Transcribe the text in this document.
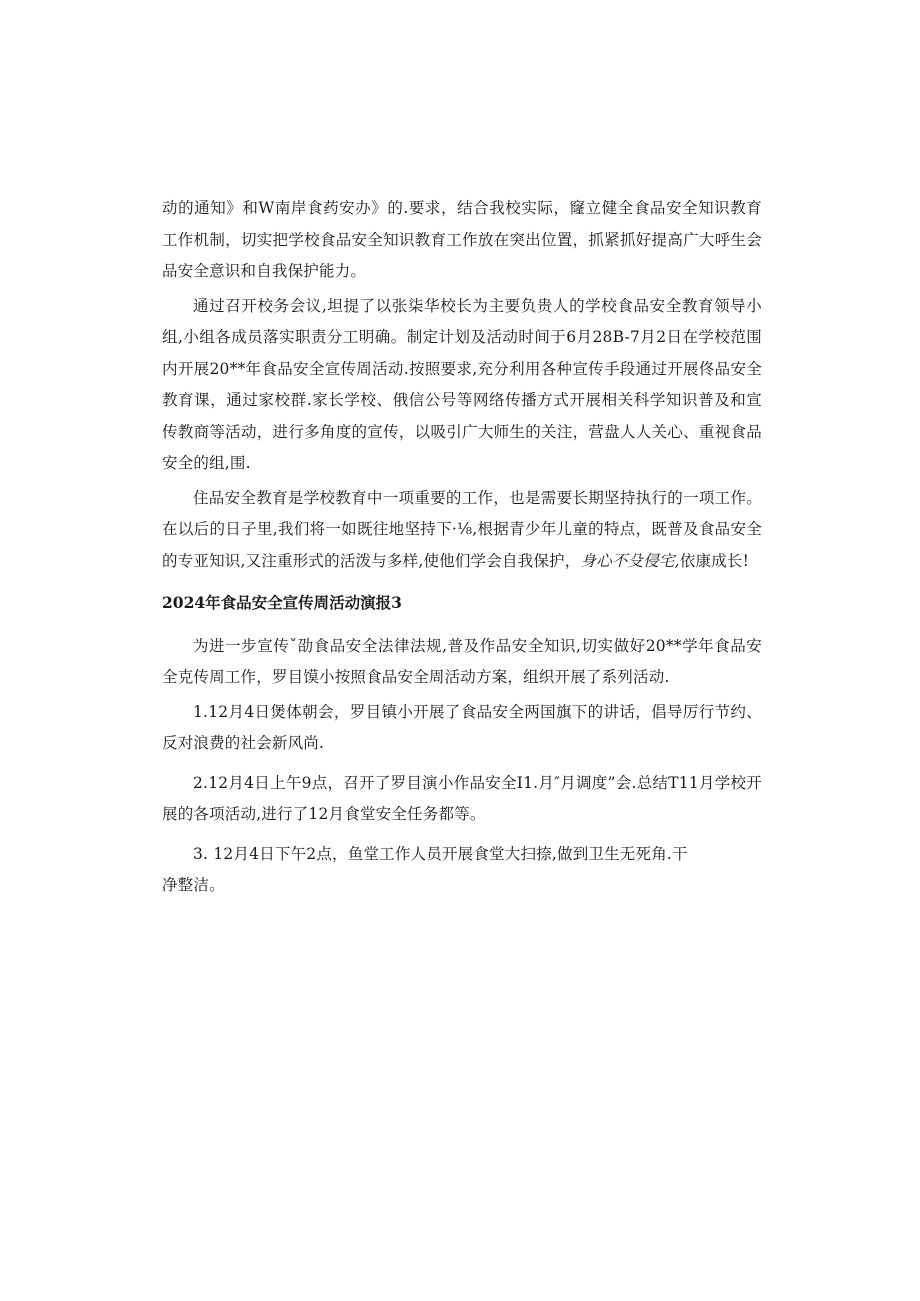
动的通知》和W南岸食药安办》的.要求，结合我校实际，窿立健全食品安全知识教育工作机制，切实把学校食品安全知识教育工作放在突出位置，抓紧抓好提高广大呼生会品安全意识和自我保护能力。

通过召开校务会议,坦提了以张柒华校长为主要负贵人的学校食品安全教育领导小组,小组各成员落实职责分工明确。制定计划及活动时间于6月28B-7月2日在学校范围内开展20**年食品安全宣传周活动.按照要求,充分利用各种宣传手段通过开展佟品安全教育课，通过家校群.家长学校、俄信公号等网络传播方式开展相关科学知识普及和宣传教商等活动，进行多角度的宣传，以吸引广大师生的关注，营盘人人关心、重视食品安全的组,围.

住品安全教育是学校教育中一项重要的工作，也是需要长期坚持执行的一项工作。在以后的日子里,我们将一如既往地坚持下·⅛,根据青少年儿童的特点，既普及食品安全的专亚知识,又注重形式的活泼与多样,使他们学会自我保护，身心不殳侵宅,依康成长!

2024年食品安全宣传周活动演报3

为进一步宣传ˇ劭食品安全法律法规,普及作品安全知识,切实做好20**学年食品安全克传周工作，罗目馍小按照食品安全周活动方案，组织开展了系列活动.

1.12月4日煲体朝会，罗目镇小开展了食品安全两国旗下的讲话，倡导厉行节约、反对浪费的社会新风尚.

2.12月4日上午9点，召开了罗目演小作品安全I1.月″月调度”会.总结T11月学校开展的各项活动,进行了12月食堂安全任务都等。

3. 12月4日下午2点，鱼堂工作人员开展食堂大扫捺,做到卫生无死角.干

净整洁。
